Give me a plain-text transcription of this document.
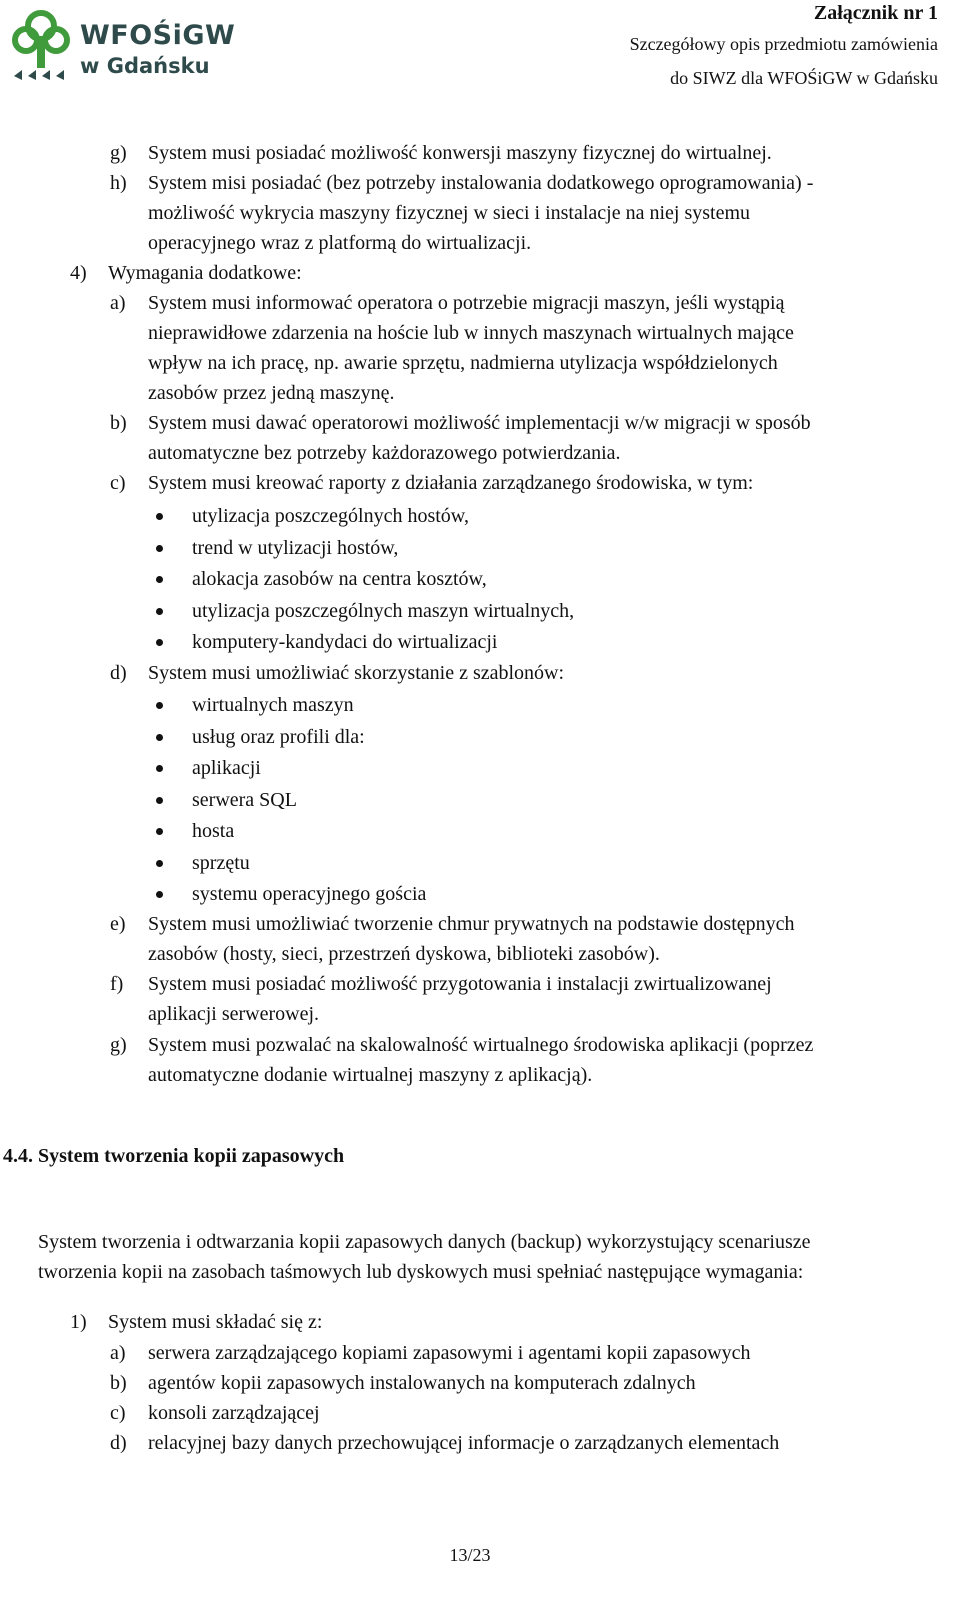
WFOŚiGW
w Gdańsku
Załącznik nr 1
Szczegółowy opis przedmiotu zamówienia
do SIWZ dla WFOŚiGW w Gdańsku
g) System musi posiadać możliwość konwersji maszyny fizycznej do wirtualnej.
h) System misi posiadać (bez potrzeby instalowania dodatkowego oprogramowania) -
możliwość wykrycia maszyny fizycznej w sieci i instalacje na niej systemu
operacyjnego wraz z platformą do wirtualizacji.
4) Wymagania dodatkowe:
a) System musi informować operatora o potrzebie migracji maszyn, jeśli wystąpią
nieprawidłowe zdarzenia na hoście lub w innych maszynach wirtualnych mające
wpływ na ich pracę, np. awarie sprzętu, nadmierna utylizacja współdzielonych
zasobów przez jedną maszynę.
b) System musi dawać operatorowi możliwość implementacji w/w migracji w sposób
automatyczne bez potrzeby każdorazowego potwierdzania.
c) System musi kreować raporty z działania zarządzanego środowiska, w tym:
utylizacja poszczególnych hostów,
trend w utylizacji hostów,
alokacja zasobów na centra kosztów,
utylizacja poszczególnych maszyn wirtualnych,
komputery-kandydaci do wirtualizacji
d) System musi umożliwiać skorzystanie z szablonów:
wirtualnych maszyn
usług oraz profili dla:
aplikacji
serwera SQL
hosta
sprzętu
systemu operacyjnego gościa
e) System musi umożliwiać tworzenie chmur prywatnych na podstawie dostępnych
zasobów (hosty, sieci, przestrzeń dyskowa, biblioteki zasobów).
f) System musi posiadać możliwość przygotowania i instalacji zwirtualizowanej
aplikacji serwerowej.
g) System musi pozwalać na skalowalność wirtualnego środowiska aplikacji (poprzez
automatyczne dodanie wirtualnej maszyny z aplikacją).
4.4. System tworzenia kopii zapasowych
System tworzenia i odtwarzania kopii zapasowych danych (backup) wykorzystujący scenariusze
tworzenia kopii na zasobach taśmowych lub dyskowych musi spełniać następujące wymagania:
1) System musi składać się z:
a) serwera zarządzającego kopiami zapasowymi i agentami kopii zapasowych
b) agentów kopii zapasowych instalowanych na komputerach zdalnych
c) konsoli zarządzającej
d) relacyjnej bazy danych przechowującej informacje o zarządzanych elementach
13/23
